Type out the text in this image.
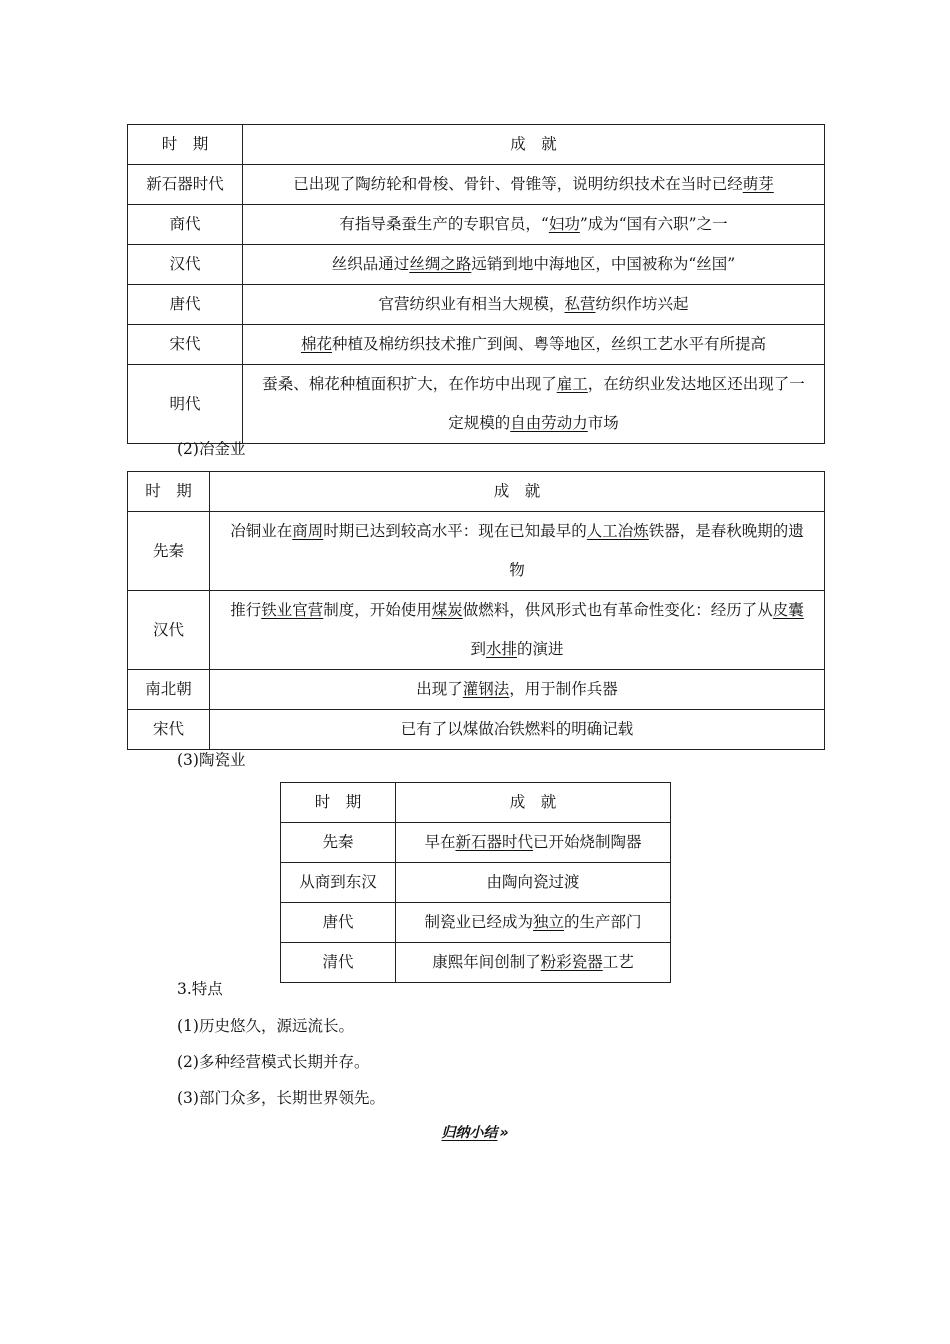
时　期	成　就
新石器时代	已出现了陶纺轮和骨梭、骨针、骨锥等，说明纺织技术在当时已经萌芽
商代	有指导桑蚕生产的专职官员，“妇功”成为“国有六职”之一
汉代	丝织品通过丝绸之路远销到地中海地区，中国被称为“丝国”
唐代	官营纺织业有相当大规模，私营纺织作坊兴起
宋代	棉花种植及棉纺织技术推广到闽、粤等地区，丝织工艺水平有所提高
明代	蚕桑、棉花种植面积扩大，在作坊中出现了雇工，在纺织业发达地区还出现了一定规模的自由劳动力市场
(2)冶金业
时　期	成　就
先秦	冶铜业在商周时期已达到较高水平：现在已知最早的人工冶炼铁器，是春秋晚期的遗物
汉代	推行铁业官营制度，开始使用煤炭做燃料，供风形式也有革命性变化：经历了从皮囊到水排的演进
南北朝	出现了灌钢法，用于制作兵器
宋代	已有了以煤做冶铁燃料的明确记载
(3)陶瓷业
时　期	成　就
先秦	早在新石器时代已开始烧制陶器
从商到东汉	由陶向瓷过渡
唐代	制瓷业已经成为独立的生产部门
清代	康熙年间创制了粉彩瓷器工艺
3.特点
(1)历史悠久，源远流长。
(2)多种经营模式长期并存。
(3)部门众多，长期世界领先。
归纳小结 »
